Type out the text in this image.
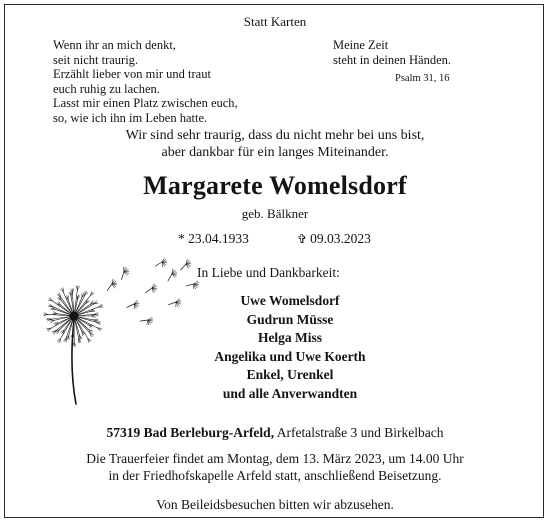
Statt Karten
Wenn ihr an mich denkt,
seit nicht traurig.
Erzählt lieber von mir und traut
euch ruhig zu lachen.
Lasst mir einen Platz zwischen euch,
so, wie ich ihn im Leben hatte.
Meine Zeit
steht in deinen Händen.
Psalm 31, 16
Wir sind sehr traurig, dass du nicht mehr bei uns bist,
aber dankbar für ein langes Miteinander.
Margarete Womelsdorf
geb. Bälkner
* 23.04.1933	✞ 09.03.2023
In Liebe und Dankbarkeit:
Uwe Womelsdorf
Gudrun Müsse
Helga Miss
Angelika und Uwe Koerth
Enkel, Urenkel
und alle Anverwandten
57319 Bad Berleburg-Arfeld, Arfetalstraße 3 und Birkelbach
Die Trauerfeier findet am Montag, dem 13. März 2023, um 14.00 Uhr
in der Friedhofskapelle Arfeld statt, anschließend Beisetzung.
Von Beileidsbesuchen bitten wir abzusehen.
